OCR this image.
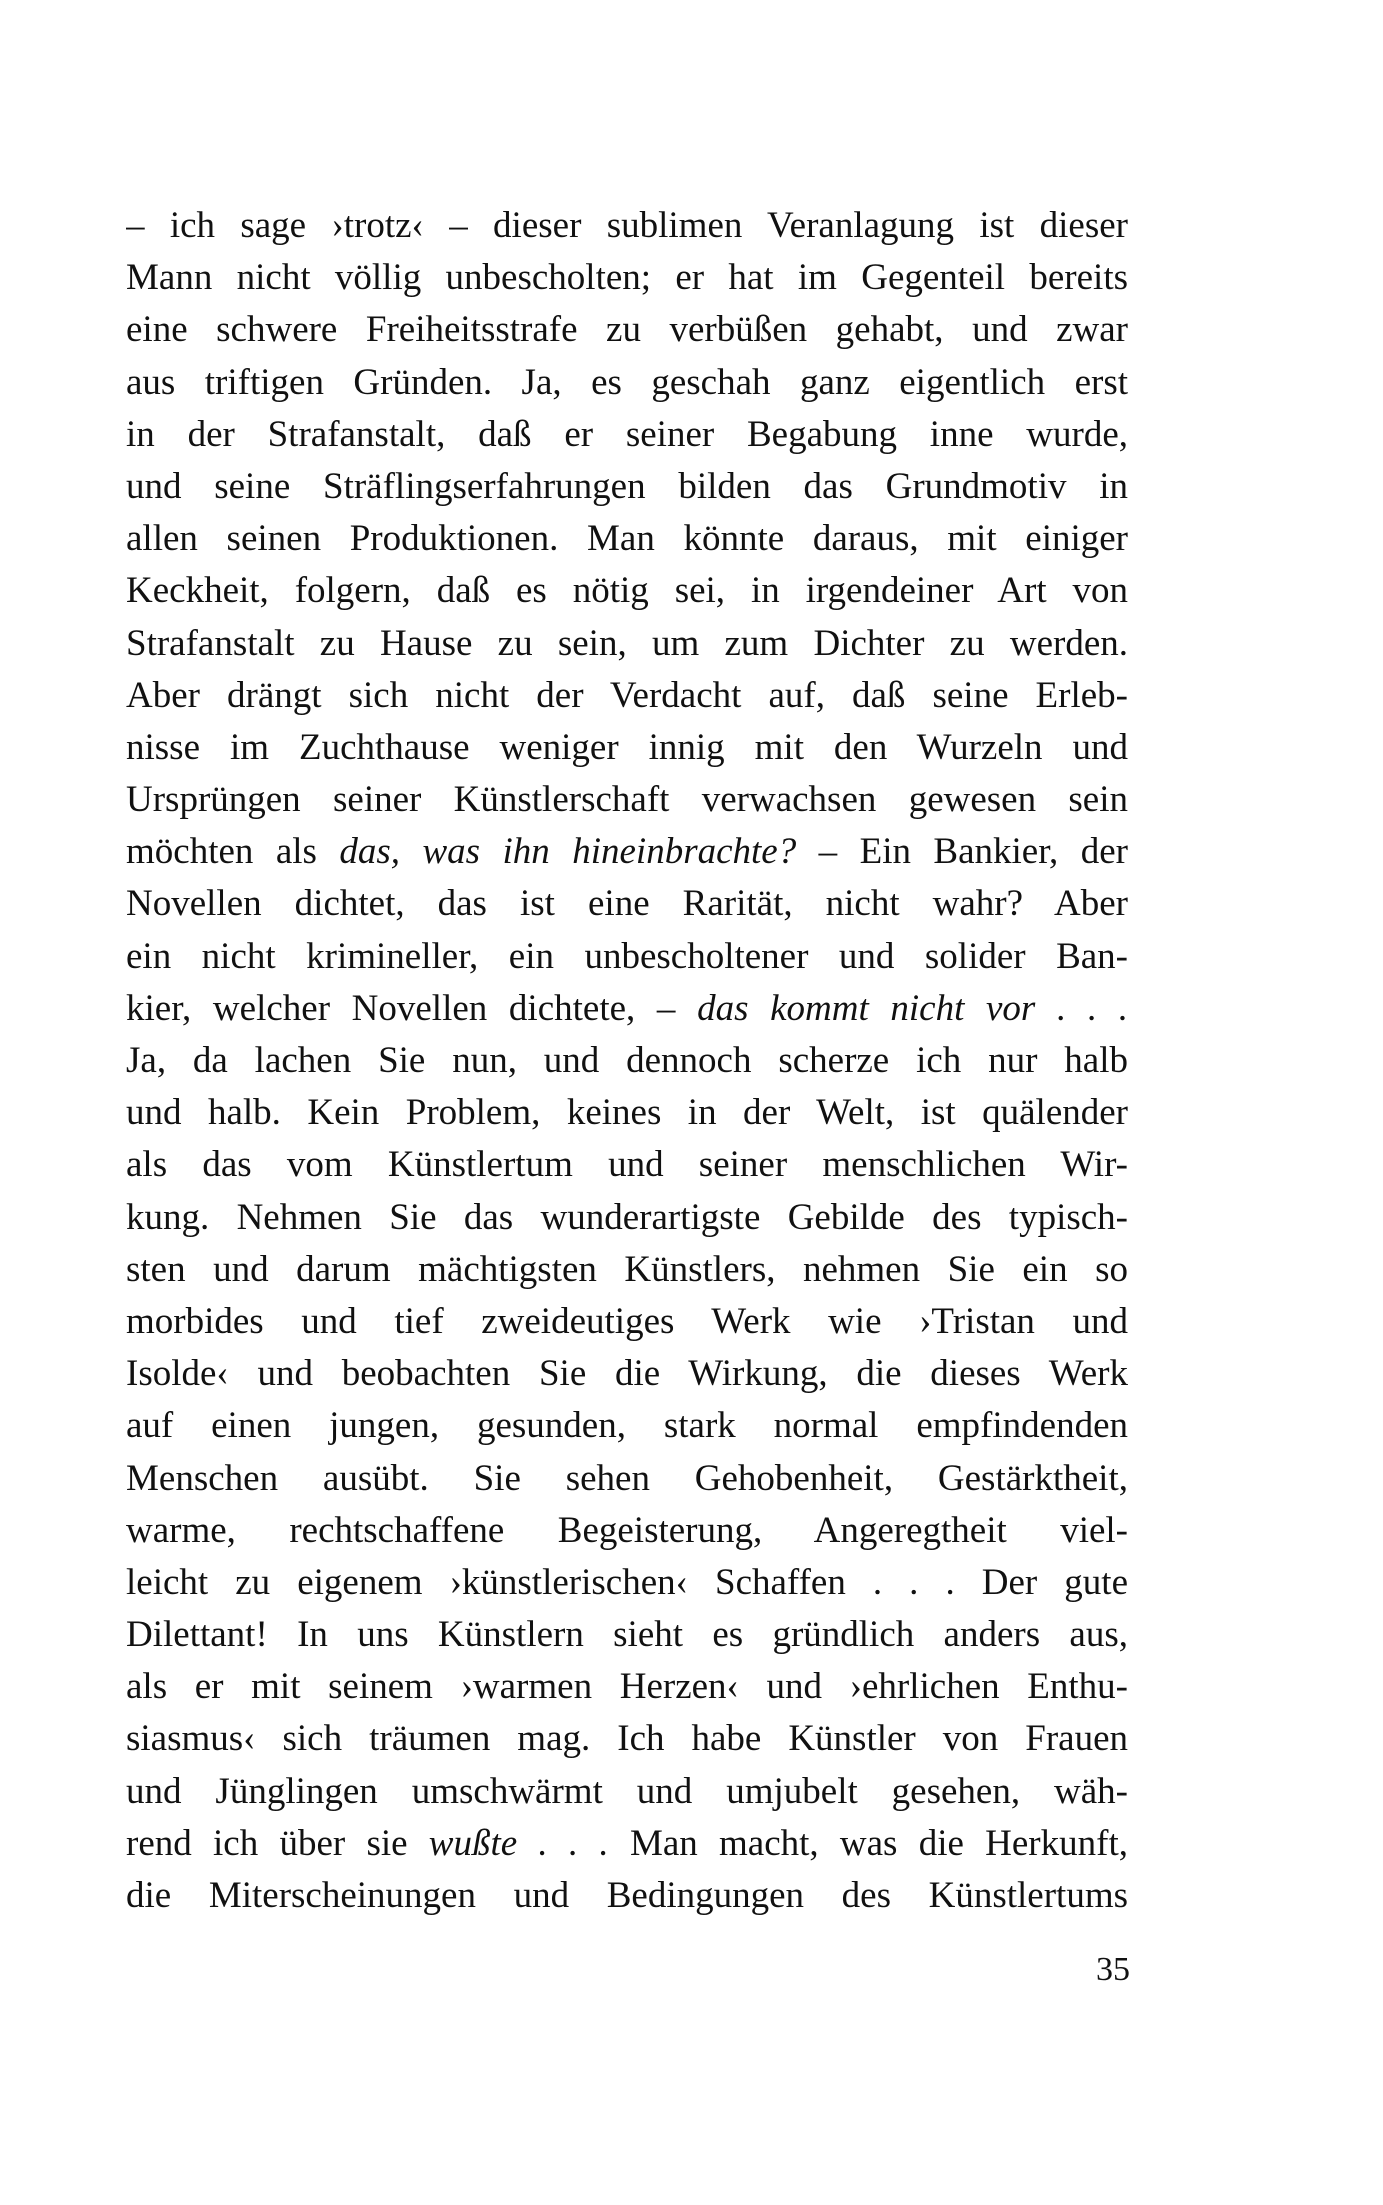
– ich sage ›trotz‹ – dieser sublimen Veranlagung ist dieser
Mann nicht völlig unbescholten; er hat im Gegenteil bereits
eine schwere Freiheitsstrafe zu verbüßen gehabt, und zwar
aus triftigen Gründen. Ja, es geschah ganz eigentlich erst
in der Strafanstalt, daß er seiner Begabung inne wurde,
und seine Sträflingserfahrungen bilden das Grundmotiv in
allen seinen Produktionen. Man könnte daraus, mit einiger
Keckheit, folgern, daß es nötig sei, in irgendeiner Art von
Strafanstalt zu Hause zu sein, um zum Dichter zu werden.
Aber drängt sich nicht der Verdacht auf, daß seine Erleb-
nisse im Zuchthause weniger innig mit den Wurzeln und
Ursprüngen seiner Künstlerschaft verwachsen gewesen sein
möchten als das, was ihn hineinbrachte? – Ein Bankier, der
Novellen dichtet, das ist eine Rarität, nicht wahr? Aber
ein nicht krimineller, ein unbescholtener und solider Ban-
kier, welcher Novellen dichtete, – das kommt nicht vor . . .
Ja, da lachen Sie nun, und dennoch scherze ich nur halb
und halb. Kein Problem, keines in der Welt, ist quälender
als das vom Künstlertum und seiner menschlichen Wir-
kung. Nehmen Sie das wunderartigste Gebilde des typisch-
sten und darum mächtigsten Künstlers, nehmen Sie ein so
morbides und tief zweideutiges Werk wie ›Tristan und
Isolde‹ und beobachten Sie die Wirkung, die dieses Werk
auf einen jungen, gesunden, stark normal empfindenden
Menschen ausübt. Sie sehen Gehobenheit, Gestärktheit,
warme, rechtschaffene Begeisterung, Angeregtheit viel-
leicht zu eigenem ›künstlerischen‹ Schaffen . . . Der gute
Dilettant! In uns Künstlern sieht es gründlich anders aus,
als er mit seinem ›warmen Herzen‹ und ›ehrlichen Enthu-
siasmus‹ sich träumen mag. Ich habe Künstler von Frauen
und Jünglingen umschwärmt und umjubelt gesehen, wäh-
rend ich über sie wußte . . . Man macht, was die Herkunft,
die Miterscheinungen und Bedingungen des Künstlertums
35
